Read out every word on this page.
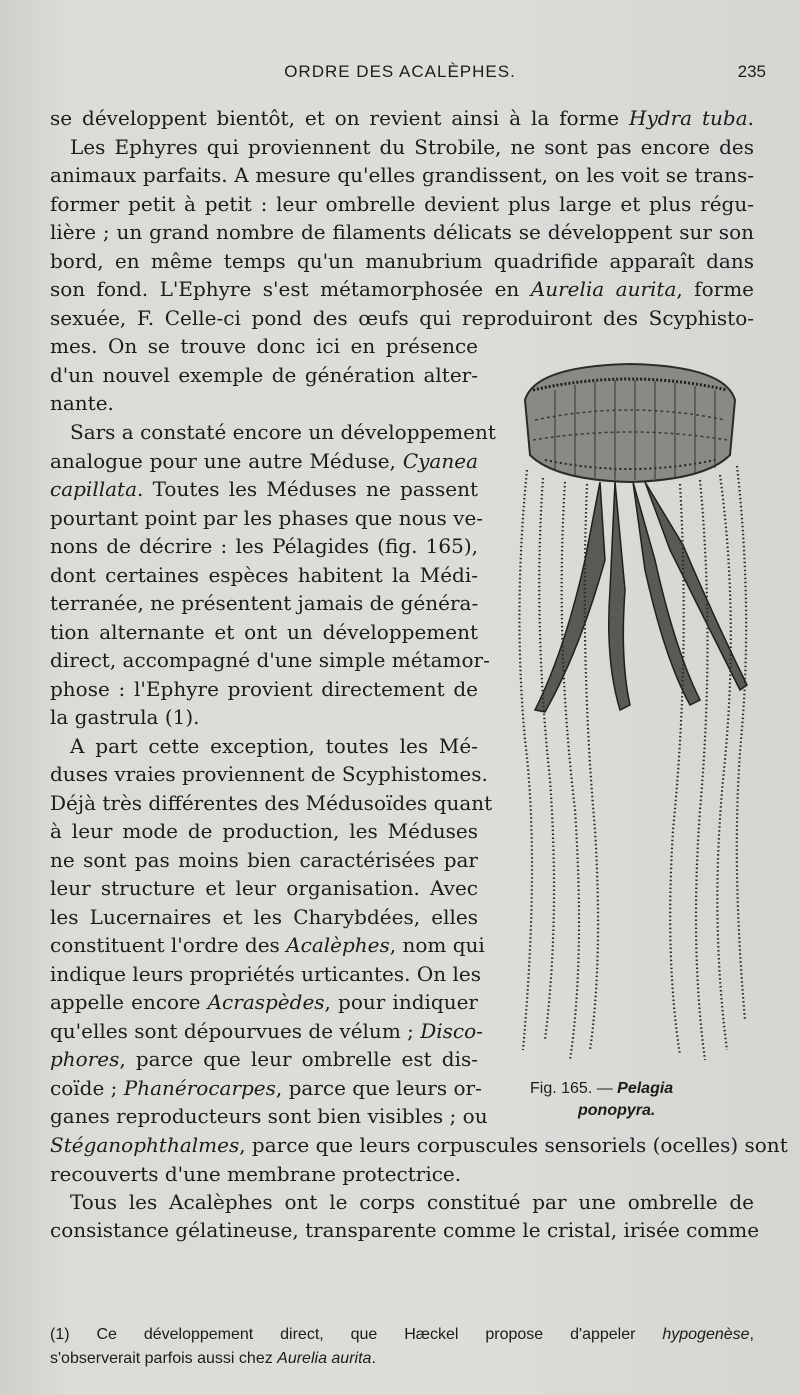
ORDRE DES ACALÈPHES.	235
se développent bientôt, et on revient ainsi à la forme Hydra tuba.
Les Ephyres qui proviennent du Strobile, ne sont pas encore des
animaux parfaits. A mesure qu'elles grandissent, on les voit se trans-
former petit à petit : leur ombrelle devient plus large et plus régu-
lière ; un grand nombre de filaments délicats se développent sur son
bord, en même temps qu'un manubrium quadrifide apparaît dans
son fond. L'Ephyre s'est métamorphosée en Aurelia aurita, forme
sexuée, F. Celle-ci pond des œufs qui reproduiront des Scyphisto-
mes. On se trouve donc ici en présence
d'un nouvel exemple de génération alter-
nante.
Sars a constaté encore un développement
analogue pour une autre Méduse, Cyanea
capillata. Toutes les Méduses ne passent
pourtant point par les phases que nous ve-
nons de décrire : les Pélagides (fig. 165),
dont certaines espèces habitent la Médi-
terranée, ne présentent jamais de généra-
tion alternante et ont un développement
direct, accompagné d'une simple métamor-
phose : l'Ephyre provient directement de
la gastrula (1).
A part cette exception, toutes les Mé-
duses vraies proviennent de Scyphistomes.
Déjà très différentes des Médusoïdes quant
à leur mode de production, les Méduses
ne sont pas moins bien caractérisées par
leur structure et leur organisation. Avec
les Lucernaires et les Charybdées, elles
constituent l'ordre des Acalèphes, nom qui
indique leurs propriétés urticantes. On les
appelle encore Acraspèdes, pour indiquer
qu'elles sont dépourvues de vélum ; Disco-
phores, parce que leur ombrelle est dis-
coïde ; Phanérocarpes, parce que leurs or-
ganes reproducteurs sont bien visibles ; ou
Stéganophthalmes, parce que leurs corpuscules sensoriels (ocelles) sont
recouverts d'une membrane protectrice.
Tous les Acalèphes ont le corps constitué par une ombrelle de
consistance gélatineuse, transparente comme le cristal, irisée comme
Fig. 165. — Pelagia
ponopyra.
(1) Ce développement direct, que Hæckel propose d'appeler hypogenèse,
s'observerait parfois aussi chez Aurelia aurita.
